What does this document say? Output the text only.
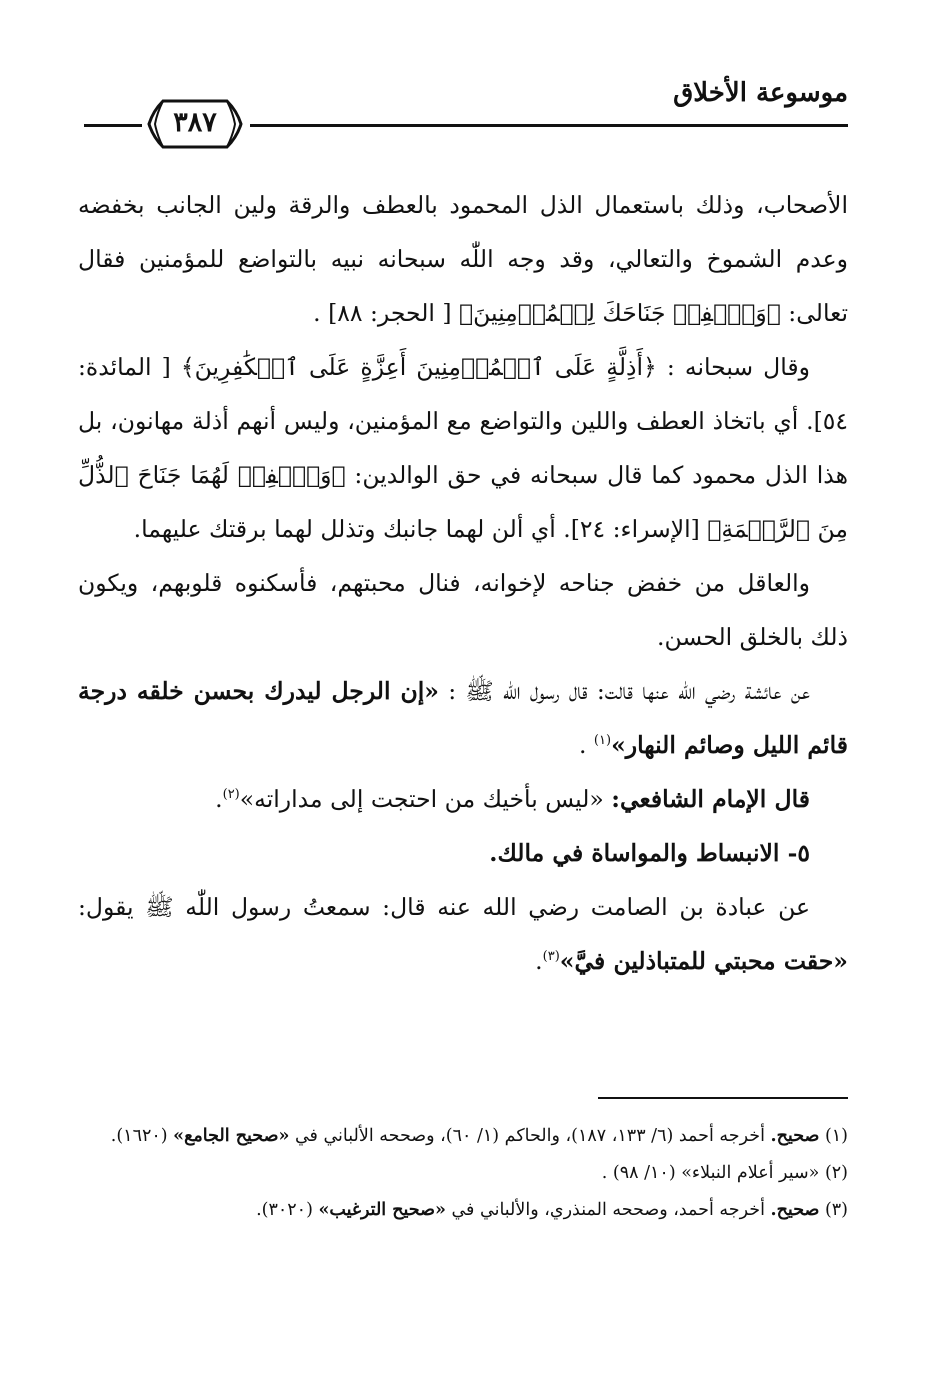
موسوعة الأخلاق
٣٨٧

الأصحاب، وذلك باستعمال الذل المحمود بالعطف والرقة ولين الجانب بخفضه وعدم الشموخ والتعالي، وقد وجه اللّٰه سبحانه نبيه بالتواضع للمؤمنين فقال تعالى: ﴿وَٱخۡفِضۡ جَنَاحَكَ لِلۡمُؤۡمِنِينَ﴾ [ الحجر: ٨٨] .

وقال سبحانه : ﴿أَذِلَّةٍ عَلَى ٱلۡمُؤۡمِنِينَ أَعِزَّةٍ عَلَى ٱلۡكَٰفِرِينَ﴾ [ المائدة: ٥٤]. أي باتخاذ العطف واللين والتواضع مع المؤمنين، وليس أنهم أذلة مهانون، بل هذا الذل محمود كما قال سبحانه في حق الوالدين: ﴿وَٱخۡفِضۡ لَهُمَا جَنَاحَ ٱلذُّلِّ مِنَ ٱلرَّحۡمَةِ﴾ [الإسراء: ٢٤]. أي ألن لهما جانبك وتذلل لهما برقتك عليهما.

والعاقل من خفض جناحه لإخوانه، فنال محبتهم، فأسكنوه قلوبهم، ويكون ذلك بالخلق الحسن.

عن عائشة رضي الله عنها قالت: قال رسول اللّٰه ﷺ : «إن الرجل ليدرك بحسن خلقه درجة قائم الليل وصائم النهار»$^{(١)}$ .

قال الإمام الشافعي: «ليس بأخيك من احتجت إلى مداراته»$^{(٢)}$.

٥- الانبساط والمواساة في مالك.

عن عبادة بن الصامت رضي الله عنه قال: سمعتُ رسول اللّٰه ﷺ يقول: «حقت محبتي للمتباذلين فيَّ»$^{(٣)}$.

(١) صحيح. أخرجه أحمد (٦/ ١٣٣، ١٨٧)، والحاكم (١/ ٦٠)، وصححه الألباني في «صحيح الجامع» (١٦٢٠).

(٢) «سير أعلام النبلاء» (١٠/ ٩٨) .

(٣) صحيح. أخرجه أحمد، وصححه المنذري، والألباني في «صحيح الترغيب» (٣٠٢٠).
